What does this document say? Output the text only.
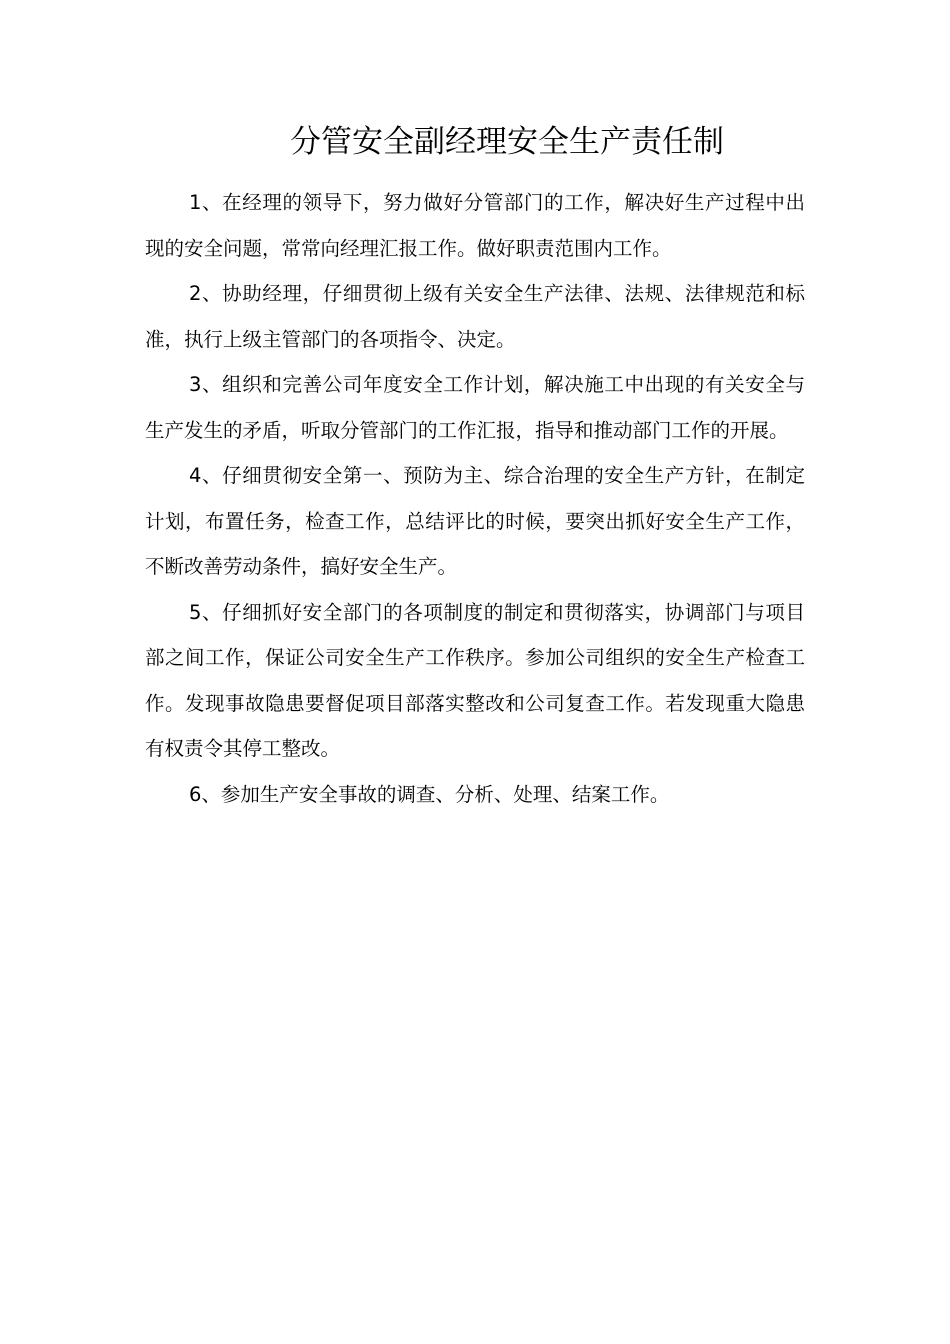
分管安全副经理安全生产责任制

1、在经理的领导下，努力做好分管部门的工作，解决好生产过程中出现的安全问题，常常向经理汇报工作。做好职责范围内工作。

2、协助经理，仔细贯彻上级有关安全生产法律、法规、法律规范和标准，执行上级主管部门的各项指令、决定。

3、组织和完善公司年度安全工作计划，解决施工中出现的有关安全与生产发生的矛盾，听取分管部门的工作汇报，指导和推动部门工作的开展。

4、仔细贯彻安全第一、预防为主、综合治理的安全生产方针，在制定计划，布置任务，检查工作，总结评比的时候，要突出抓好安全生产工作，不断改善劳动条件，搞好安全生产。

5、仔细抓好安全部门的各项制度的制定和贯彻落实，协调部门与项目部之间工作，保证公司安全生产工作秩序。参加公司组织的安全生产检查工作。发现事故隐患要督促项目部落实整改和公司复查工作。若发现重大隐患有权责令其停工整改。

6、参加生产安全事故的调查、分析、处理、结案工作。
